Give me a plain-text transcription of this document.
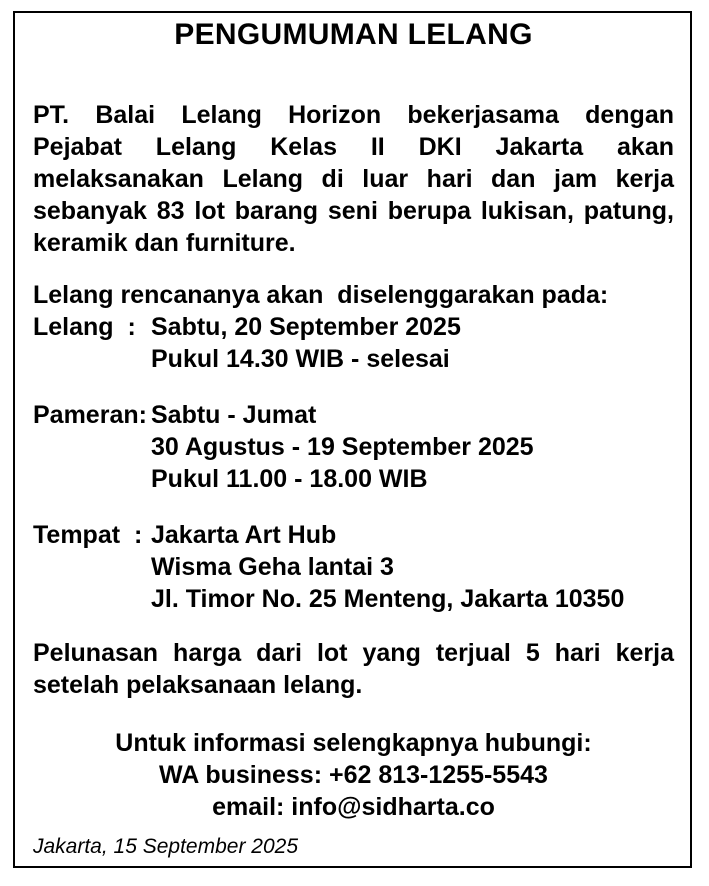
PENGUMUMAN LELANG
PT. Balai Lelang Horizon bekerjasama dengan
Pejabat Lelang Kelas II DKI Jakarta akan
melaksanakan Lelang di luar hari dan jam kerja
sebanyak 83 lot barang seni berupa lukisan, patung,
keramik dan furniture.
Lelang rencananya akan  diselenggarakan pada:
Lelang  : Sabtu, 20 September 2025
Pukul 14.30 WIB - selesai
Pameran: Sabtu - Jumat
30 Agustus - 19 September 2025
Pukul 11.00 - 18.00 WIB
Tempat  : Jakarta Art Hub
Wisma Geha lantai 3
Jl. Timor No. 25 Menteng, Jakarta 10350
Pelunasan harga dari lot yang terjual 5 hari kerja
setelah pelaksanaan lelang.
Untuk informasi selengkapnya hubungi:
WA business: +62 813-1255-5543
email: info@sidharta.co
Jakarta, 15 September 2025
